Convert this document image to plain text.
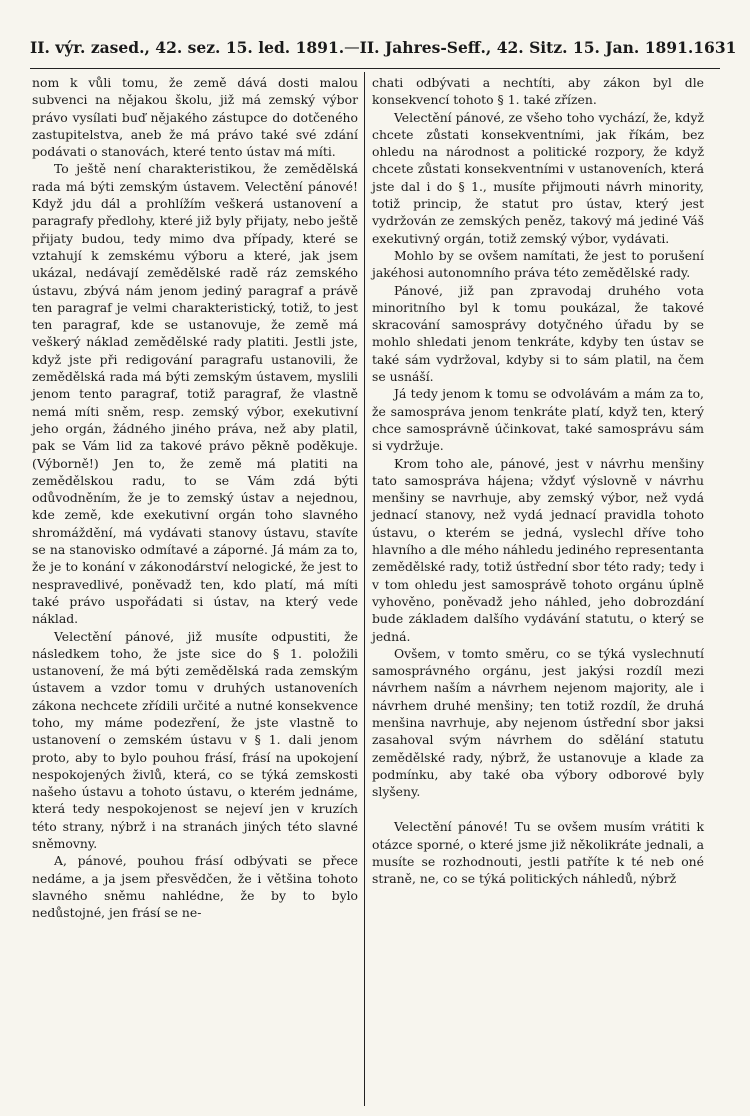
II. výr. zased., 42. sez. 15. led. 1891. — II. Jahres-Seff., 42. Sitz. 15. Jan. 1891. 1631

nom k vůli tomu, že země dává dosti malou subvenci na nějakou školu, již má zemský výbor právo vysílati buď nějakého zástupce do dotčeného zastupitelstva, aneb že má právo také své zdání podávati o stanovách, které tento ústav má míti.

To ještě není charakteristikou, že zemědělská rada má býti zemským ústavem. Velectění pánové! Když jdu dál a prohlížím veškerá ustanovení a paragrafy předlohy, které již byly přijaty, nebo ještě přijaty budou, tedy mimo dva případy, které se vztahují k zemskému výboru a které, jak jsem ukázal, nedávají zemědělské radě ráz zemského ústavu, zbývá nám jenom jediný paragraf a právě ten paragraf je velmi charakteristický, totiž, to jest ten paragraf, kde se ustanovuje, že země má veškerý náklad zemědělské rady platiti. Jestli jste, když jste při redigování paragrafu ustanovili, že zemědělská rada má býti zemským ústavem, myslili jenom tento paragraf, totiž paragraf, že vlastně nemá míti sněm, resp. zemský výbor, exekutivní jeho orgán, žádného jiného práva, než aby platil, pak se Vám lid za takové právo pěkně poděkuje. (Výborně!) Jen to, že země má platiti na zemědělskou radu, to se Vám zdá býti odůvodněním, že je to zemský ústav a nejednou, kde země, kde exekutivní orgán toho slavného shromáždění, má vydávati stanovy ústavu, stavíte se na stanovisko odmítavé a záporné. Já mám za to, že je to konání v zákonodárství nelogické, že jest to nespravedlivé, poněvadž ten, kdo platí, má míti také právo uspořádati si ústav, na který vede náklad.

Velectění pánové, již musíte odpustiti, že následkem toho, že jste sice do § 1. položili ustanovení, že má býti zemědělská rada zemským ústavem a vzdor tomu v druhých ustanoveních zákona nechcete zřídili určité a nutné konsekvence toho, my máme podezření, že jste vlastně to ustanovení o zemském ústavu v § 1. dali jenom proto, aby to bylo pouhou frásí, frásí na upokojení nespokojených živlů, která, co se týká zemskosti našeho ústavu a tohoto ústavu, o kterém jednáme, která tedy nespokojenost se nejeví jen v kruzích této strany, nýbrž i na stranách jiných této slavné sněmovny.

A, pánové, pouhou frásí odbývati se přece nedáme, a ja jsem přesvědčen, že i většina tohoto slavného sněmu nahlédne, že by to bylo nedůstojné, jen frásí se ne-

chati odbývati a nechtíti, aby zákon byl dle konsekvencí tohoto § 1. také zřízen.

Velectění pánové, ze všeho toho vychází, že, když chcete zůstati konsekventními, jak říkám, bez ohledu na národnost a politické rozpory, že když chcete zůstati konsekventními v ustanoveních, která jste dal i do § 1., musíte přijmouti návrh minority, totiž princip, že statut pro ústav, který jest vydržován ze zemských peněz, takový má jediné Váš exekutivný orgán, totiž zemský výbor, vydávati.

Mohlo by se ovšem namítati, že jest to porušení jakéhosi autonomního práva této zemědělské rady.

Pánové, již pan zpravodaj druhého vota minoritního byl k tomu poukázal, že takové skracování samosprávy dotyčného úřadu by se mohlo shledati jenom tenkráte, kdyby ten ústav se také sám vydržoval, kdyby si to sám platil, na čem se usnáší.

Já tedy jenom k tomu se odvolávám a mám za to, že samospráva jenom tenkráte platí, když ten, který chce samosprávně účinkovat, také samosprávu sám si vydržuje.

Krom toho ale, pánové, jest v návrhu menšiny tato samospráva hájena; vždyť výslovně v návrhu menšiny se navrhuje, aby zemský výbor, než vydá jednací stanovy, než vydá jednací pravidla tohoto ústavu, o kterém se jedná, vyslechl dříve toho hlavního a dle mého náhledu jediného representanta zemědělské rady, totiž ústřední sbor této rady; tedy i v tom ohledu jest samosprávě tohoto orgánu úplně vyhověno, poněvadž jeho náhled, jeho dobrozdání bude základem dalšího vydávání statutu, o který se jedná.

Ovšem, v tomto směru, co se týká vyslechnutí samosprávného orgánu, jest jakýsi rozdíl mezi návrhem naším a návrhem nejenom majority, ale i návrhem druhé menšiny; ten totiž rozdíl, že druhá menšina navrhuje, aby nejenom ústřední sbor jaksi zasahoval svým návrhem do sdělání statutu zemědělské rady, nýbrž, že ustanovuje a klade za podmínku, aby také oba výbory odborové byly slyšeny.

Velectění pánové! Tu se ovšem musím vrátiti k otázce sporné, o které jsme již několikráte jednali, a musíte se rozhodnouti, jestli patříte k té neb oné straně, ne, co se týká politických náhledů, nýbrž
